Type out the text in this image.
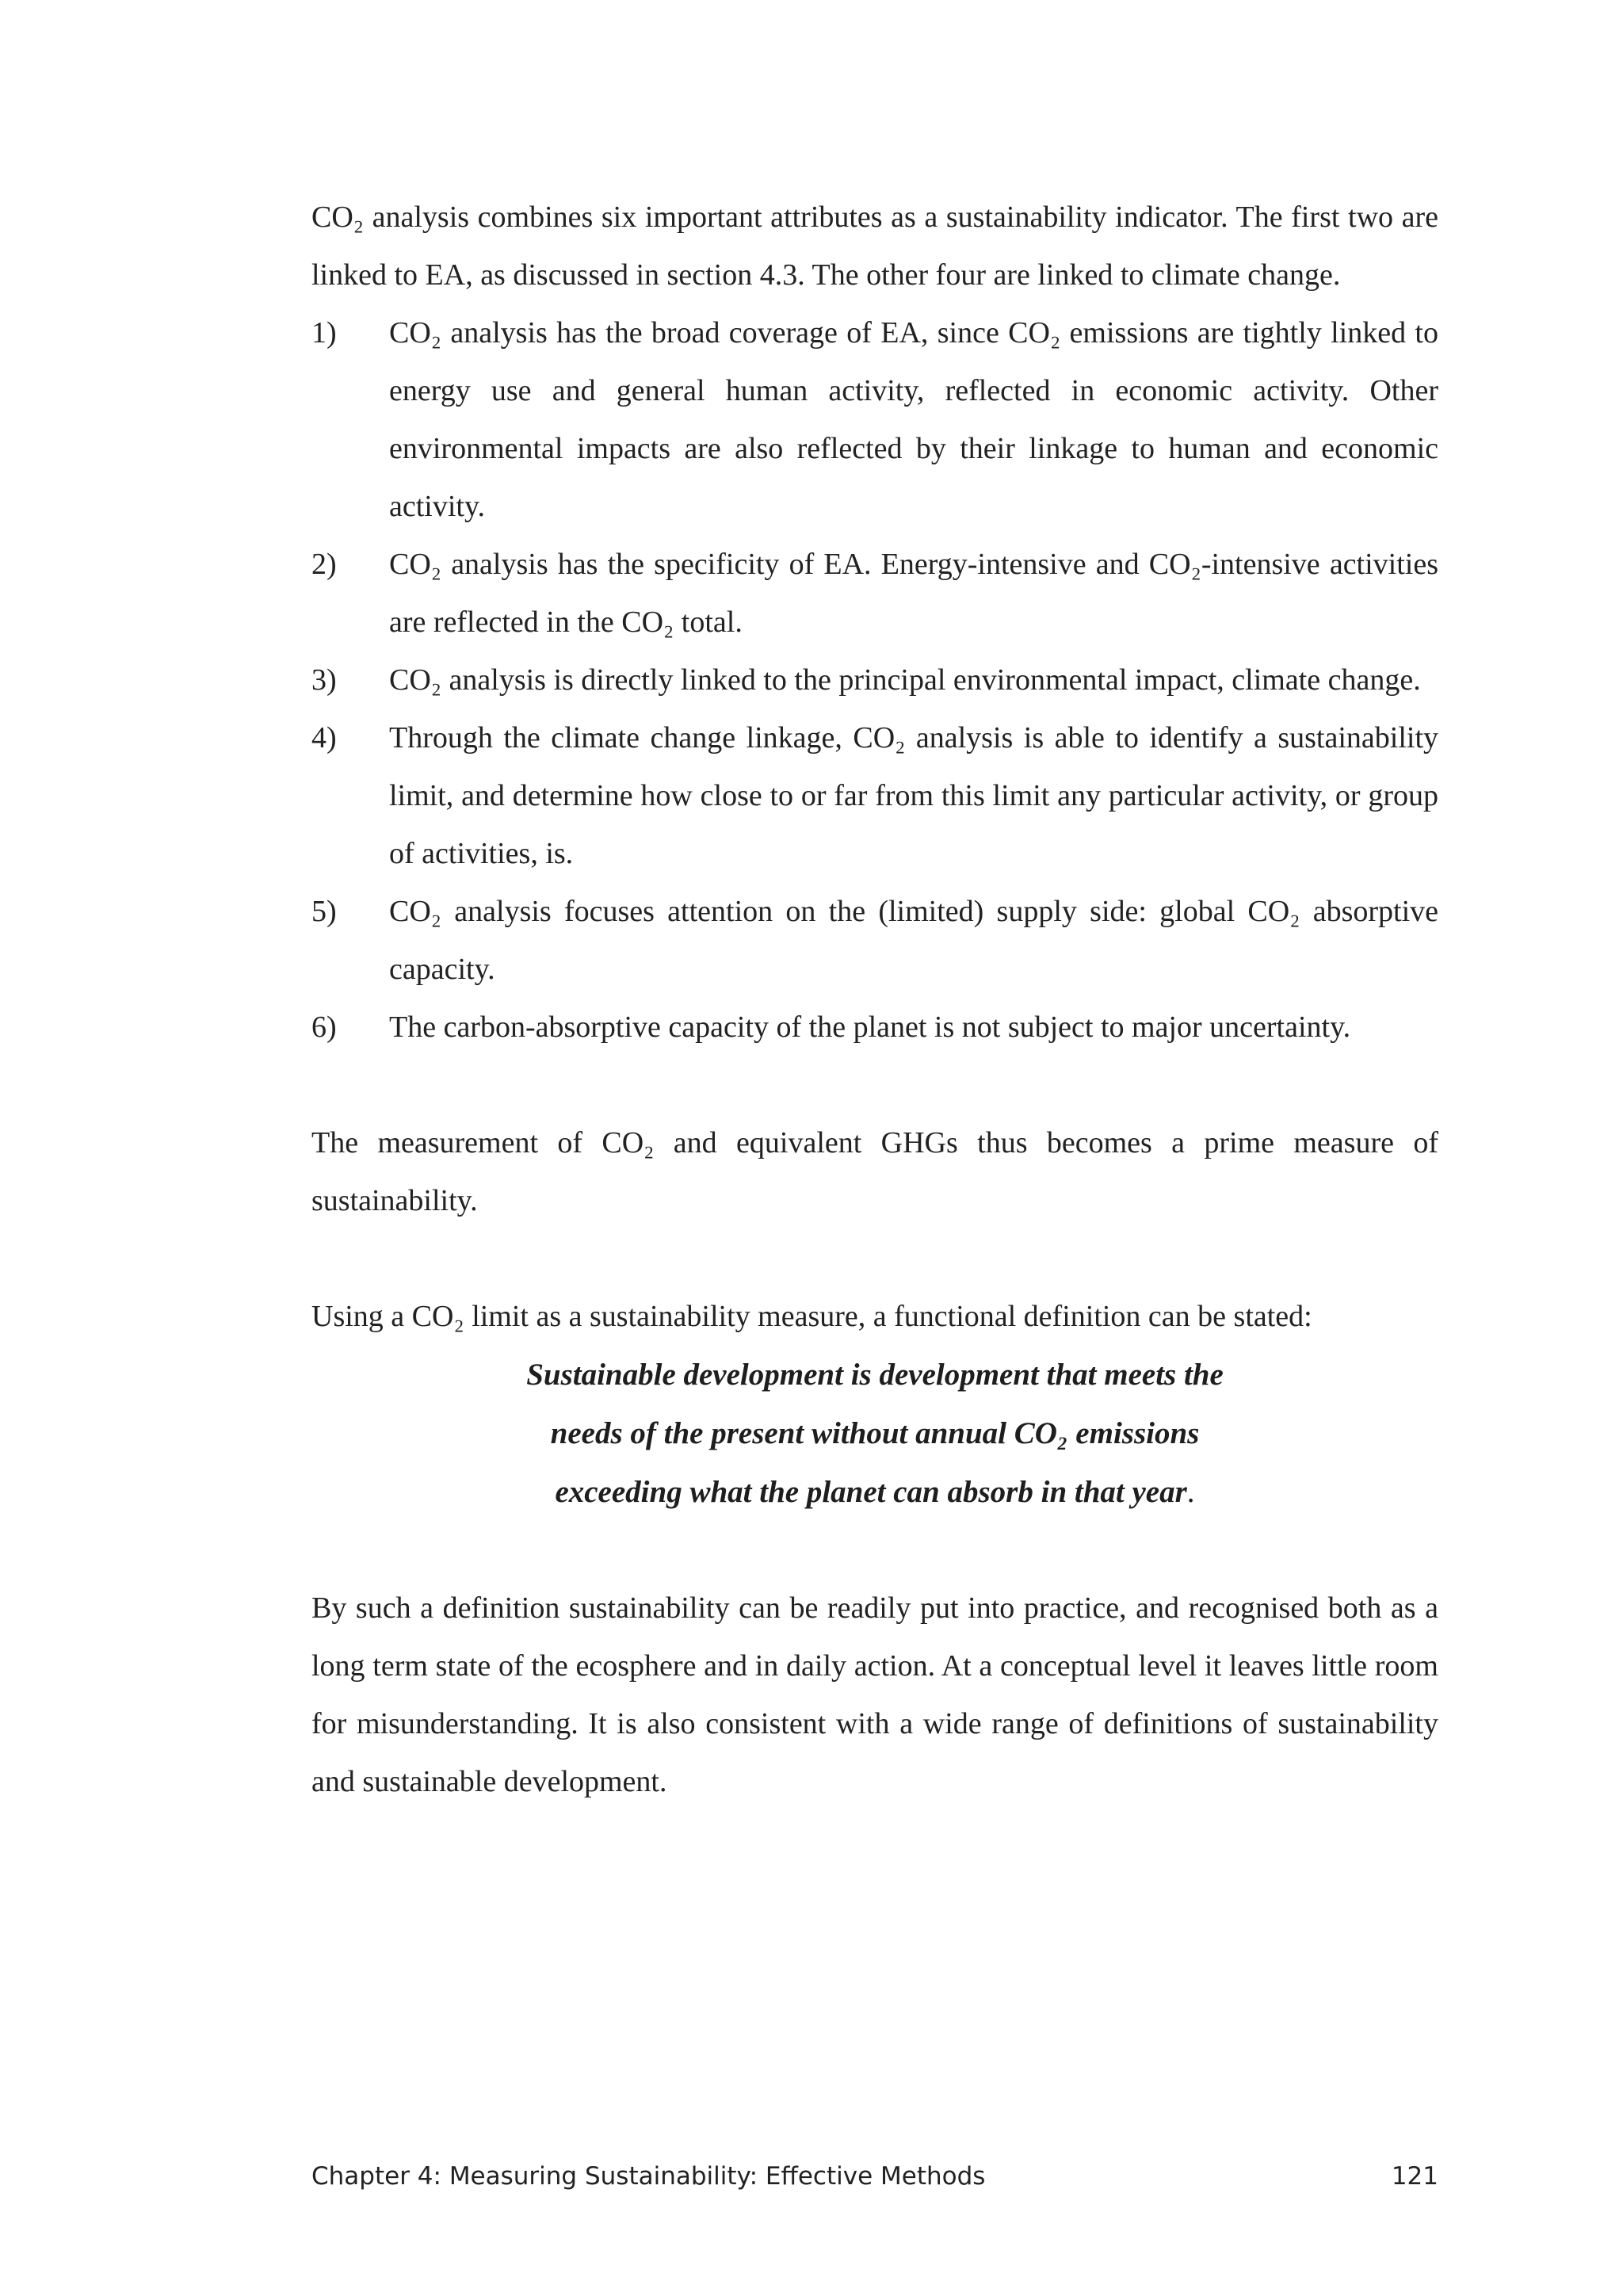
CO₂ analysis combines six important attributes as a sustainability indicator. The first two are linked to EA, as discussed in section 4.3. The other four are linked to climate change.

1) CO₂ analysis has the broad coverage of EA, since CO₂ emissions are tightly linked to energy use and general human activity, reflected in economic activity. Other environmental impacts are also reflected by their linkage to human and economic activity.
2) CO₂ analysis has the specificity of EA. Energy-intensive and CO₂-intensive activities are reflected in the CO₂ total.
3) CO₂ analysis is directly linked to the principal environmental impact, climate change.
4) Through the climate change linkage, CO₂ analysis is able to identify a sustainability limit, and determine how close to or far from this limit any particular activity, or group of activities, is.
5) CO₂ analysis focuses attention on the (limited) supply side: global CO₂ absorptive capacity.
6) The carbon-absorptive capacity of the planet is not subject to major uncertainty.

The measurement of CO₂ and equivalent GHGs thus becomes a prime measure of sustainability.

Using a CO₂ limit as a sustainability measure, a functional definition can be stated:

Sustainable development is development that meets the
needs of the present without annual CO₂ emissions
exceeding what the planet can absorb in that year.

By such a definition sustainability can be readily put into practice, and recognised both as a long term state of the ecosphere and in daily action. At a conceptual level it leaves little room for misunderstanding. It is also consistent with a wide range of definitions of sustainability and sustainable development.

Chapter 4: Measuring Sustainability: Effective Methods	121
